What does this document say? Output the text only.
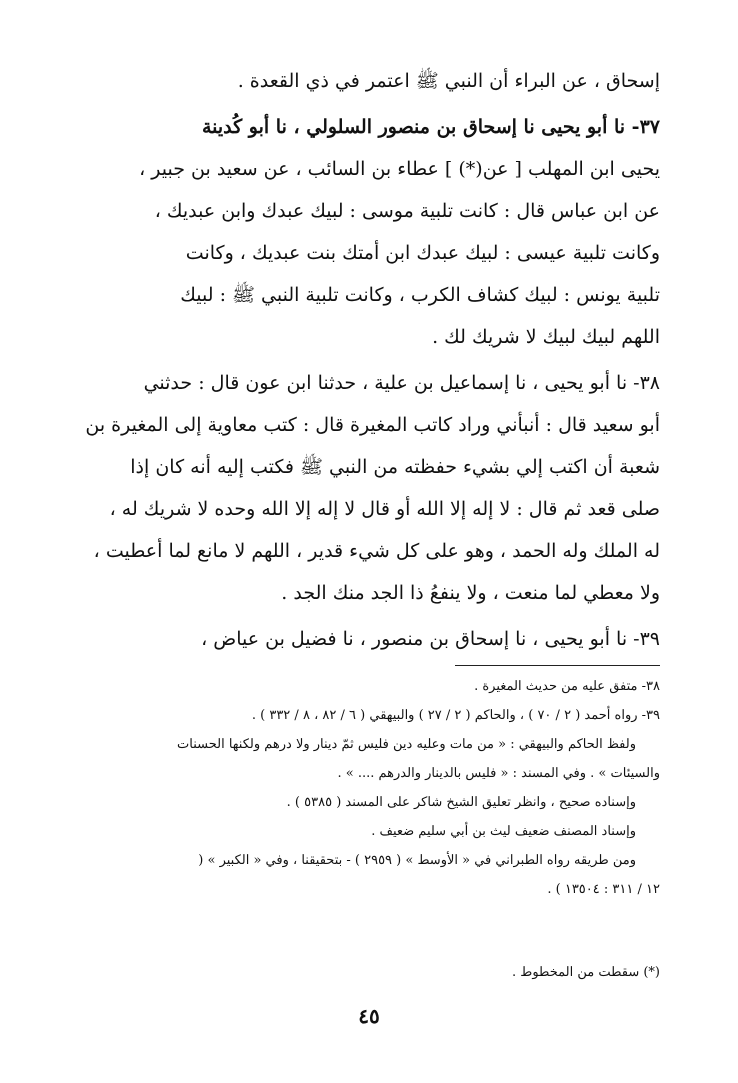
إسحاق ، عن البراء أن النبي ﷺ اعتمر في ذي القعدة .

٣٧- نا أبو يحيى نا إسحاق بن منصور السلولي ، نا أبو كُدينة
يحيى ابن المهلب [ عن(*) ] عطاء بن السائب ، عن سعيد بن جبير ،
عن ابن عباس قال : كانت تلبية موسى : لبيك عبدك وابن عبديك ،
وكانت تلبية عيسى : لبيك عبدك ابن أمتك بنت عبديك ، وكانت
تلبية يونس : لبيك كشاف الكرب ، وكانت تلبية النبي ﷺ : لبيك
اللهم لبيك لبيك لا شريك لك .

٣٨- نا أبو يحيى ، نا إسماعيل بن علية ، حدثنا ابن عون قال : حدثني
أبو سعيد قال : أنبأني وراد كاتب المغيرة قال : كتب معاوية إلى المغيرة بن
شعبة أن اكتب إلي بشيء حفظته من النبي ﷺ فكتب إليه أنه كان إذا
صلى قعد ثم قال : لا إله إلا الله أو قال لا إله إلا الله وحده لا شريك له ،
له الملك وله الحمد ، وهو على كل شيء قدير ، اللهم لا مانع لما أعطيت ،
ولا معطي لما منعت ، ولا ينفعُ ذا الجد منك الجد .

٣٩- نا أبو يحيى ، نا إسحاق بن منصور ، نا فضيل بن عياض ،

٣٨- متفق عليه من حديث المغيرة .
٣٩- رواه أحمد ( ٢ / ٧٠ ) ، والحاكم ( ٢ / ٢٧ ) والبيهقي ( ٦ / ٨٢ ، ٨ / ٣٣٢ ) .
ولفظ الحاكم والبيهقي : « من مات وعليه دين فليس ثمّ دينار ولا درهم ولكنها الحسنات
والسيئات » . وفي المسند : « فليس بالدينار والدرهم .... » .
وإسناده صحيح ، وانظر تعليق الشيخ شاكر على المسند ( ٥٣٨٥ ) .
وإسناد المصنف ضعيف ليث بن أبي سليم ضعيف .
ومن طريقه رواه الطبراني في « الأوسط » ( ٢٩٥٩ ) - بتحقيقنا ، وفي « الكبير » (
١٢ / ٣١١ : ١٣٥٠٤ ) .
(*) سقطت من المخطوط .
٤٥
